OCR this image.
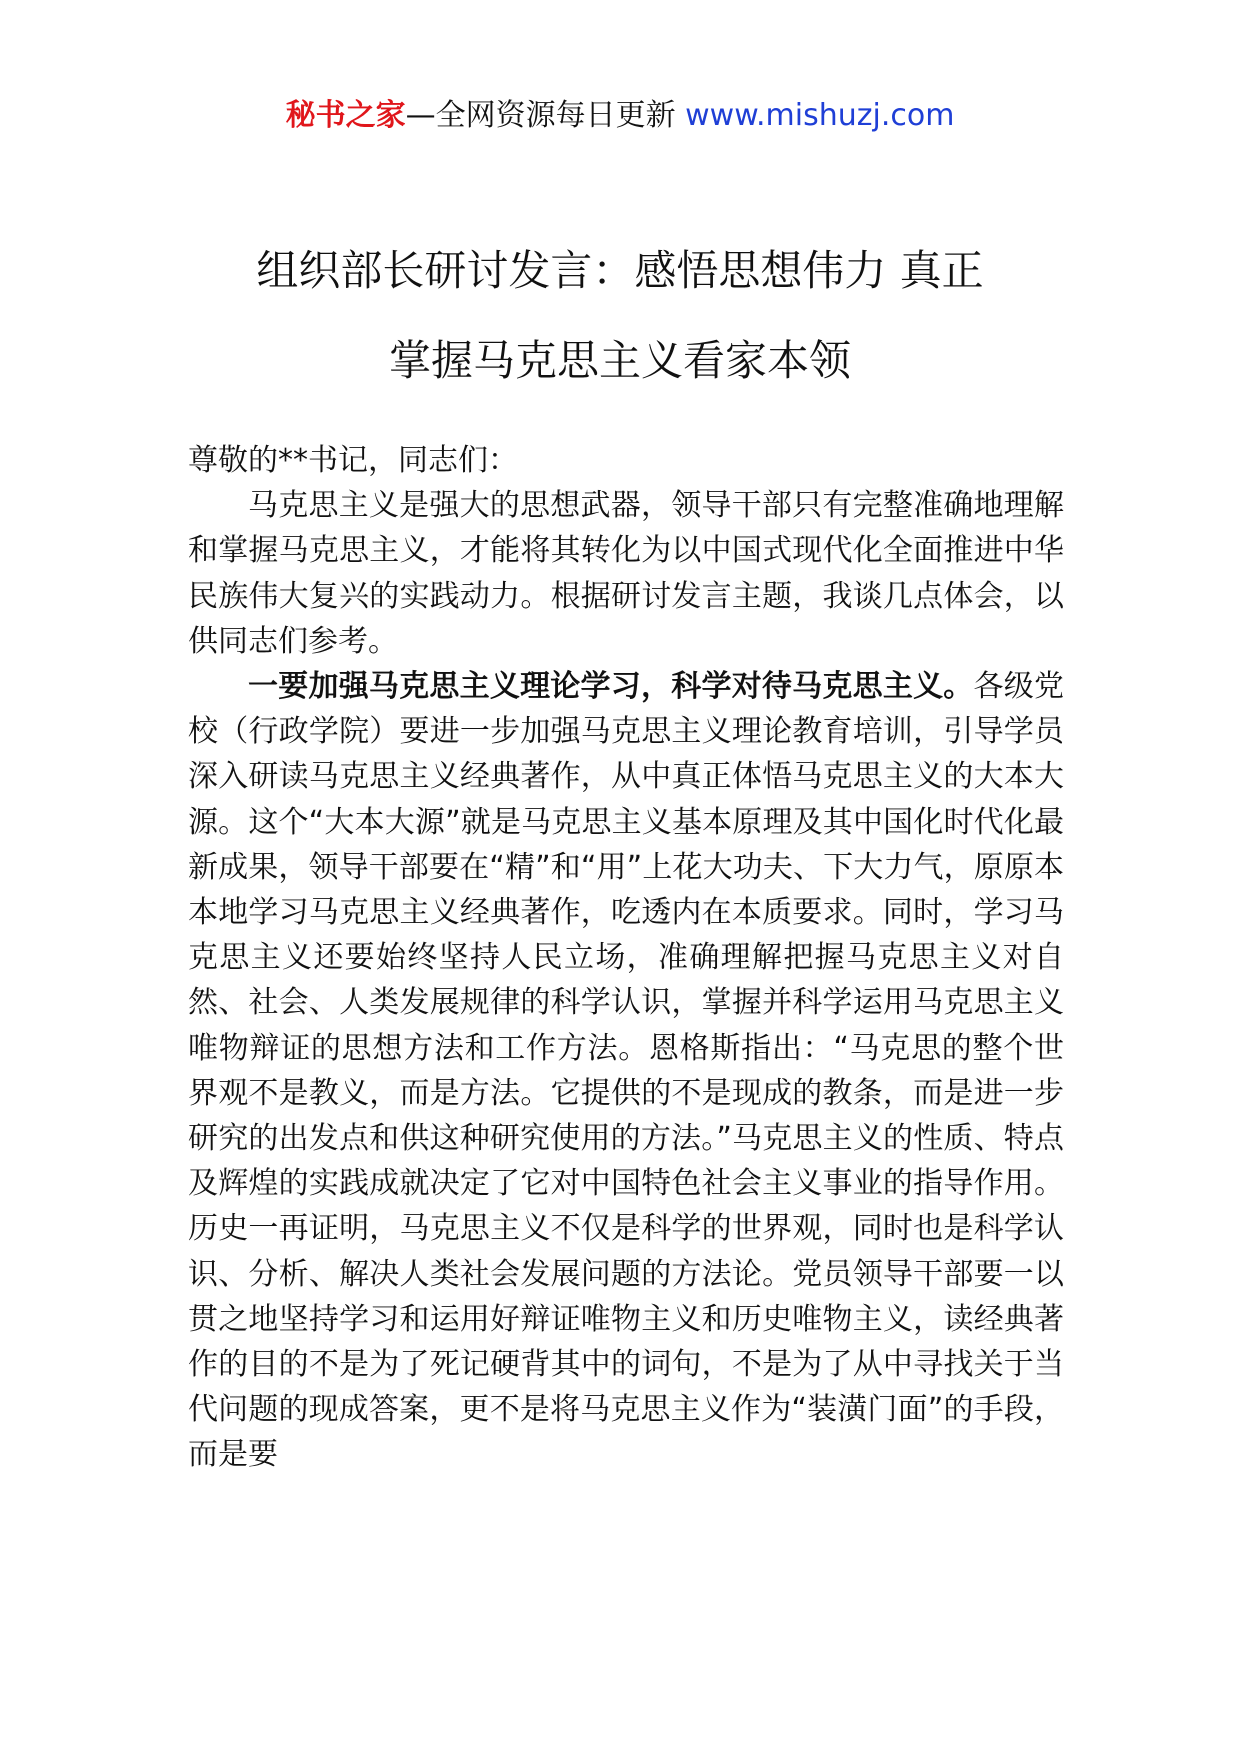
秘书之家—全网资源每日更新 www.mishuzj.com
组织部长研讨发言：感悟思想伟力 真正
掌握马克思主义看家本领

尊敬的**书记，同志们：

马克思主义是强大的思想武器，领导干部只有完整准确地理解和掌握马克思主义，才能将其转化为以中国式现代化全面推进中华民族伟大复兴的实践动力。根据研讨发言主题，我谈几点体会，以供同志们参考。

一要加强马克思主义理论学习，科学对待马克思主义。各级党校（行政学院）要进一步加强马克思主义理论教育培训，引导学员深入研读马克思主义经典著作，从中真正体悟马克思主义的大本大源。这个“大本大源”就是马克思主义基本原理及其中国化时代化最新成果，领导干部要在“精”和“用”上花大功夫、下大力气，原原本本地学习马克思主义经典著作，吃透内在本质要求。同时，学习马克思主义还要始终坚持人民立场，准确理解把握马克思主义对自然、社会、人类发展规律的科学认识，掌握并科学运用马克思主义唯物辩证的思想方法和工作方法。恩格斯指出：“马克思的整个世界观不是教义，而是方法。它提供的不是现成的教条，而是进一步研究的出发点和供这种研究使用的方法。”马克思主义的性质、特点及辉煌的实践成就决定了它对中国特色社会主义事业的指导作用。历史一再证明，马克思主义不仅是科学的世界观，同时也是科学认识、分析、解决人类社会发展问题的方法论。党员领导干部要一以贯之地坚持学习和运用好辩证唯物主义和历史唯物主义，读经典著作的目的不是为了死记硬背其中的词句，不是为了从中寻找关于当代问题的现成答案，更不是将马克思主义作为“装潢门面”的手段，而是要
